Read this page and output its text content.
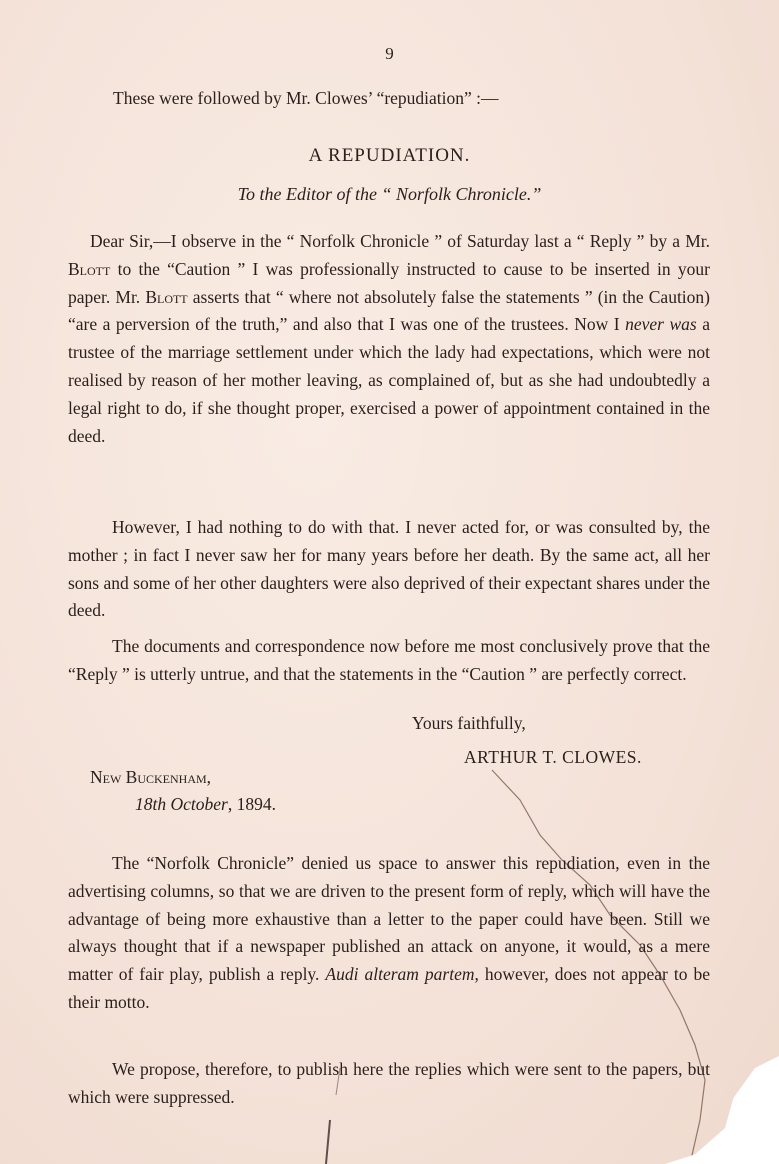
9
These were followed by Mr. Clowes’ “repudiation” :—
A REPUDIATION.
To the Editor of the “ Norfolk Chronicle.”

Dear Sir,—I observe in the “ Norfolk Chronicle ” of Saturday last a “ Reply ” by a Mr. Blott to the “Caution ” I was professionally instructed to cause to be inserted in your paper. Mr. Blott asserts that “ where not absolutely false the statements ” (in the Caution) “are a perversion of the truth,” and also that I was one of the trustees. Now I never was a trustee of the marriage settlement under which the lady had expectations, which were not realised by reason of her mother leaving, as complained of, but as she had undoubtedly a legal right to do, if she thought proper, exercised a power of appointment contained in the deed.

However, I had nothing to do with that. I never acted for, or was consulted by, the mother ; in fact I never saw her for many years before her death. By the same act, all her sons and some of her other daughters were also deprived of their expectant shares under the deed.

The documents and correspondence now before me most conclusively prove that the “Reply ” is utterly untrue, and that the statements in the “Caution ” are perfectly correct.

Yours faithfully,
ARTHUR T. CLOWES.
New Buckenham,
18th October, 1894.

The “Norfolk Chronicle” denied us space to answer this repudiation, even in the advertising columns, so that we are driven to the present form of reply, which will have the advantage of being more exhaustive than a letter to the paper could have been. Still we always thought that if a newspaper published an attack on anyone, it would, as a mere matter of fair play, publish a reply. Audi alteram partem, however, does not appear to be their motto.

We propose, therefore, to publish here the replies which were sent to the papers, but which were suppressed.
